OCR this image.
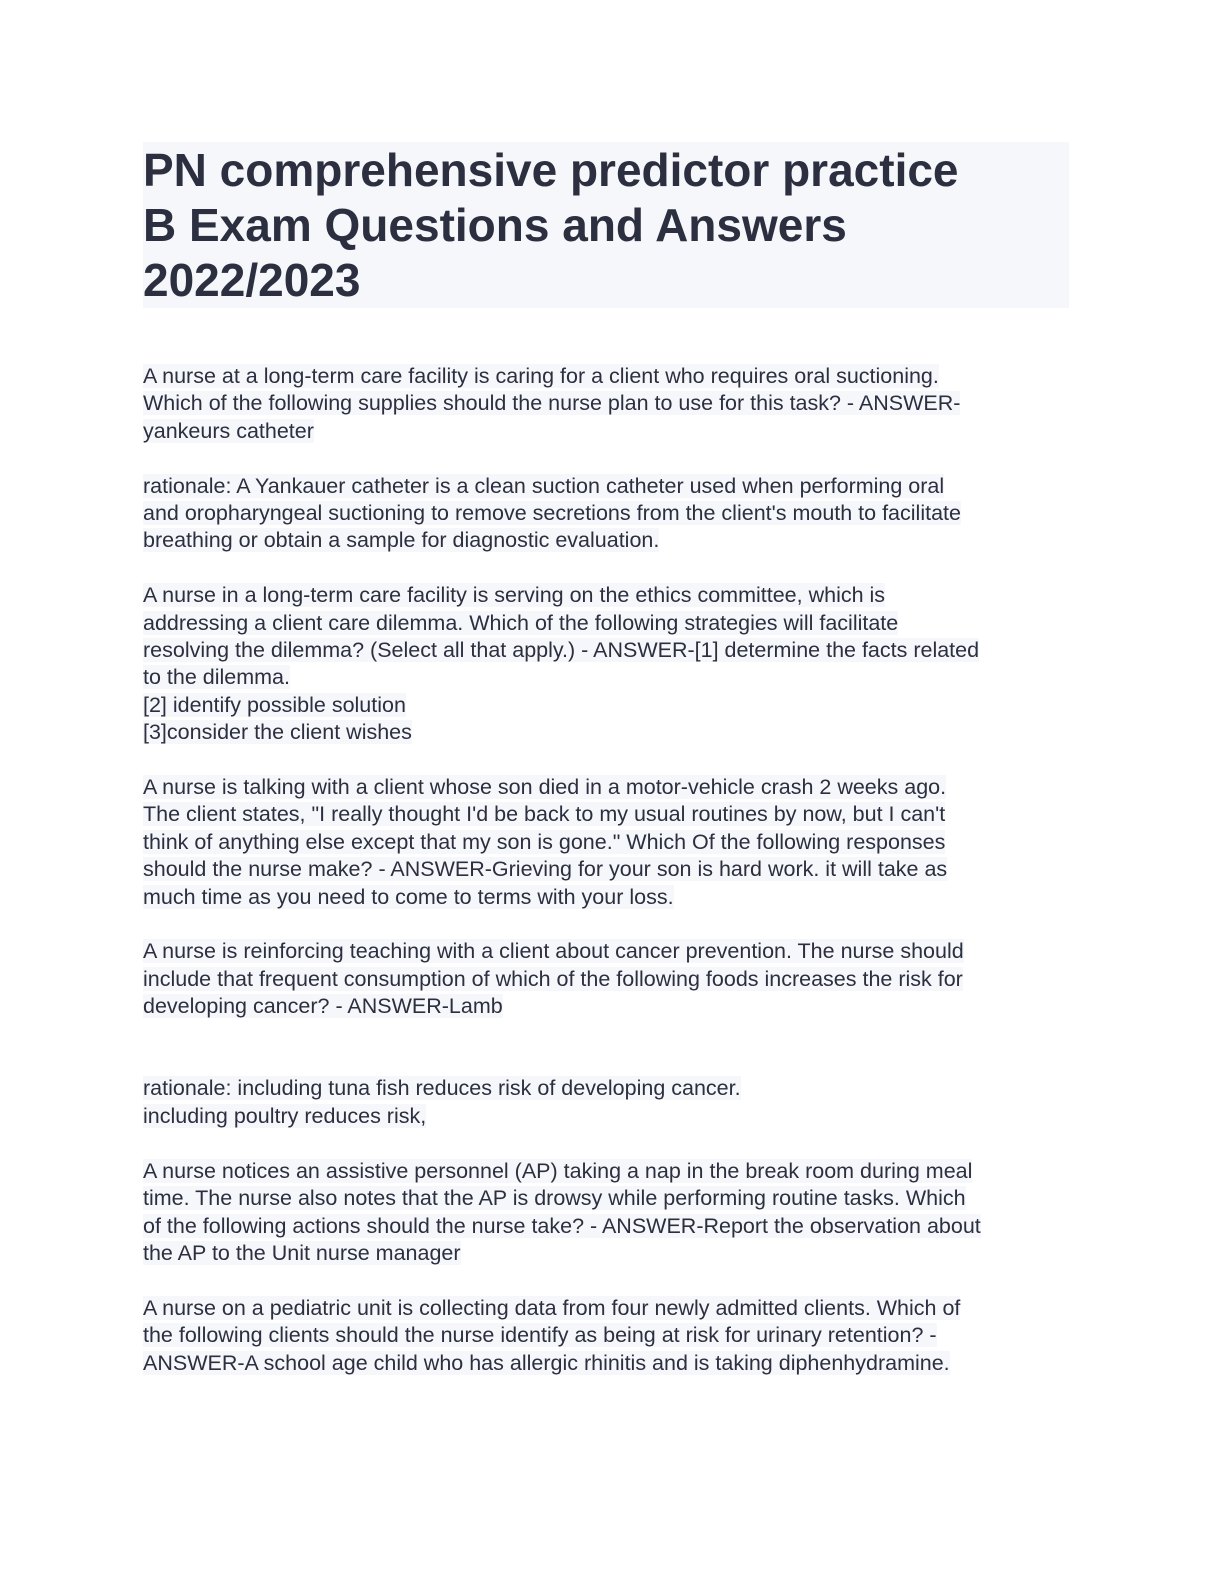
PN comprehensive predictor practice
B Exam Questions and Answers
2022/2023

A nurse at a long-term care facility is caring for a client who requires oral suctioning.
Which of the following supplies should the nurse plan to use for this task? - ANSWER-
yankeurs catheter

rationale: A Yankauer catheter is a clean suction catheter used when performing oral
and oropharyngeal suctioning to remove secretions from the client's mouth to facilitate
breathing or obtain a sample for diagnostic evaluation.

A nurse in a long-term care facility is serving on the ethics committee, which is
addressing a client care dilemma. Which of the following strategies will facilitate
resolving the dilemma? (Select all that apply.) - ANSWER-[1] determine the facts related
to the dilemma.
[2] identify possible solution
[3]consider the client wishes

A nurse is talking with a client whose son died in a motor-vehicle crash 2 weeks ago.
The client states, "I really thought I'd be back to my usual routines by now, but I can't
think of anything else except that my son is gone." Which Of the following responses
should the nurse make? - ANSWER-Grieving for your son is hard work. it will take as
much time as you need to come to terms with your loss.

A nurse is reinforcing teaching with a client about cancer prevention. The nurse should
include that frequent consumption of which of the following foods increases the risk for
developing cancer? - ANSWER-Lamb

rationale: including tuna fish reduces risk of developing cancer.
including poultry reduces risk,

A nurse notices an assistive personnel (AP) taking a nap in the break room during meal
time. The nurse also notes that the AP is drowsy while performing routine tasks. Which
of the following actions should the nurse take? - ANSWER-Report the observation about
the AP to the Unit nurse manager

A nurse on a pediatric unit is collecting data from four newly admitted clients. Which of
the following clients should the nurse identify as being at risk for urinary retention? -
ANSWER-A school age child who has allergic rhinitis and is taking diphenhydramine.
